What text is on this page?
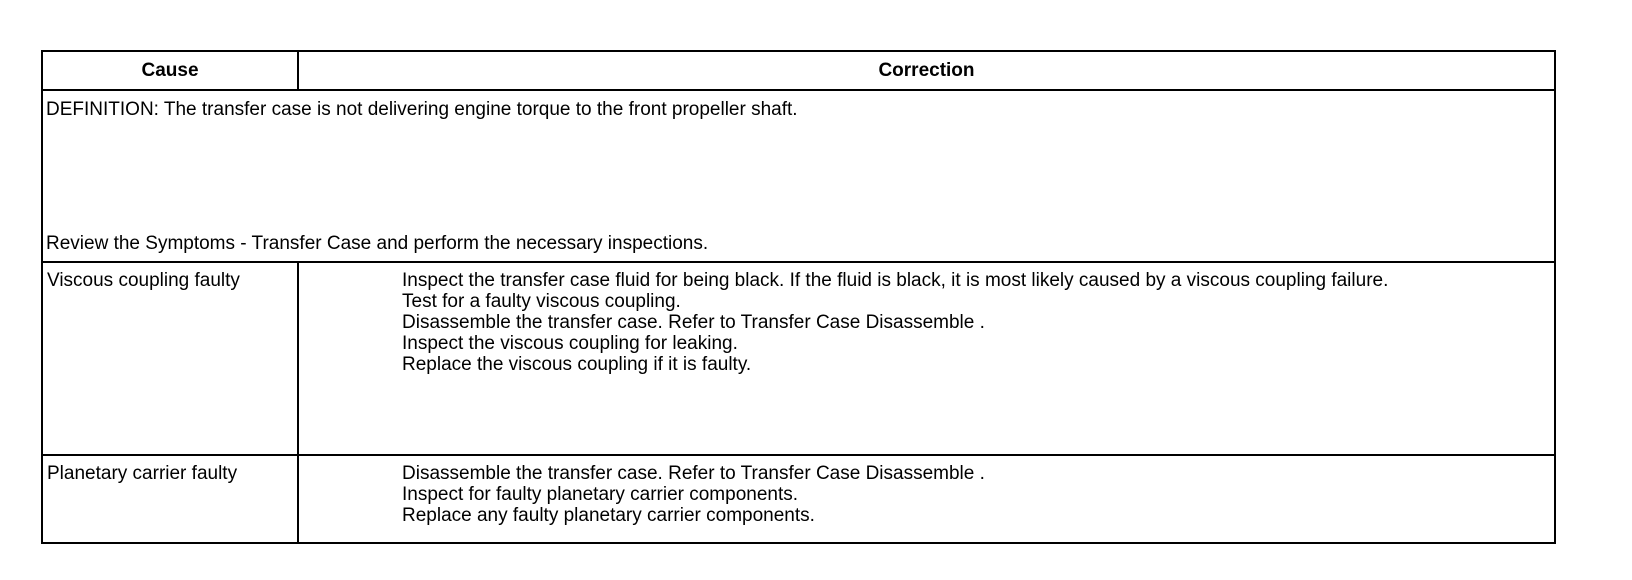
Cause	Correction

DEFINITION: The transfer case is not delivering engine torque to the front propeller shaft.
Review the Symptoms - Transfer Case and perform the necessary inspections.	

Viscous coupling faulty	Inspect the transfer case fluid for being black. If the fluid is black, it is most likely caused by a viscous coupling failure.
Test for a faulty viscous coupling.
Disassemble the transfer case. Refer to Transfer Case Disassemble .
Inspect the viscous coupling for leaking.
Replace the viscous coupling if it is faulty.

Planetary carrier faulty	Disassemble the transfer case. Refer to Transfer Case Disassemble .
Inspect for faulty planetary carrier components.
Replace any faulty planetary carrier components.
